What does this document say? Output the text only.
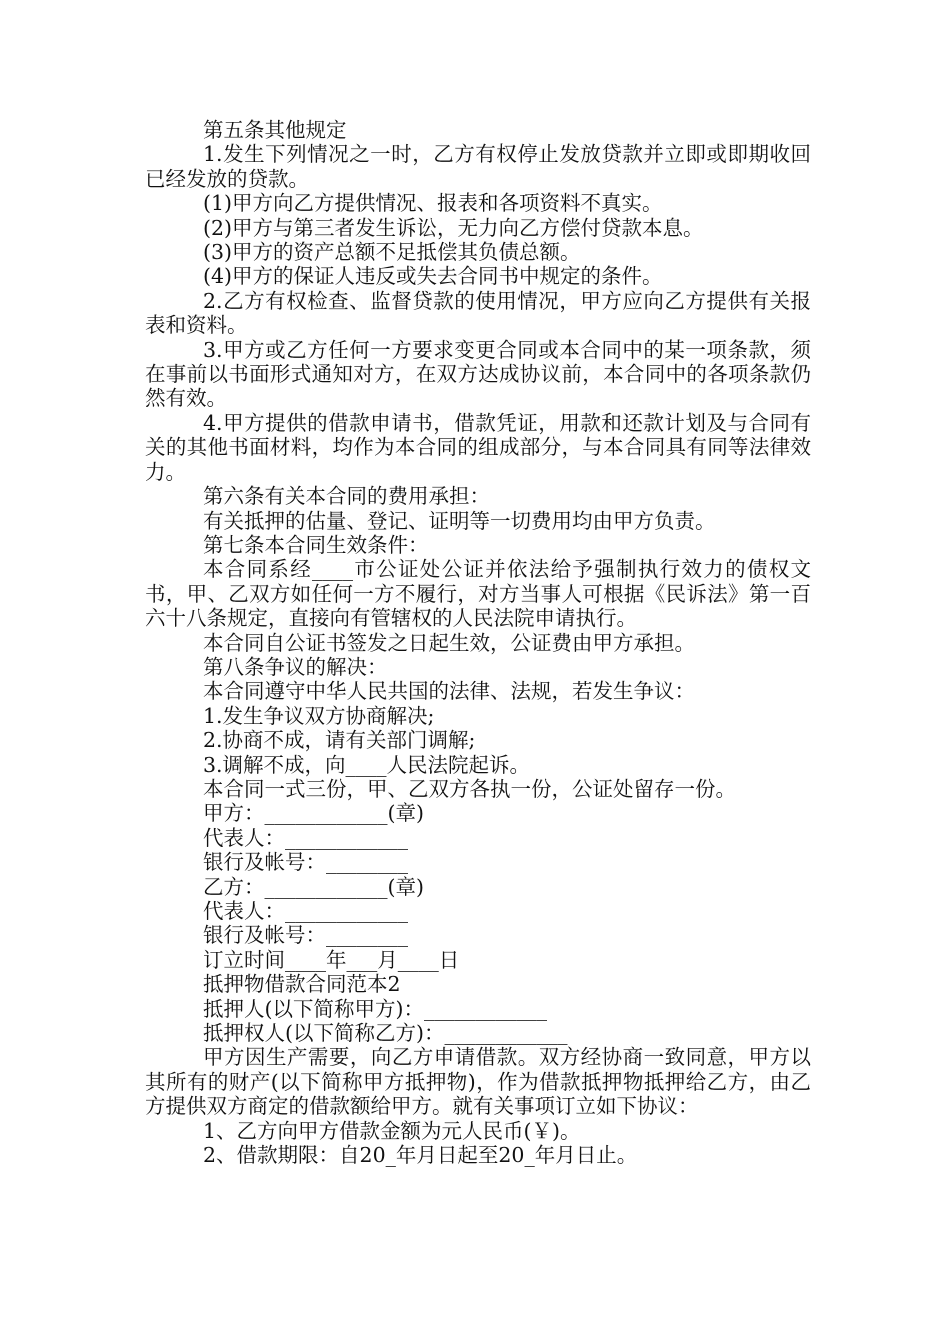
第五条其他规定

1.发生下列情况之一时，乙方有权停止发放贷款并立即或即期收回已经发放的贷款。

(1)甲方向乙方提供情况、报表和各项资料不真实。

(2)甲方与第三者发生诉讼，无力向乙方偿付贷款本息。

(3)甲方的资产总额不足抵偿其负债总额。

(4)甲方的保证人违反或失去合同书中规定的条件。

2.乙方有权检查、监督贷款的使用情况，甲方应向乙方提供有关报表和资料。

3.甲方或乙方任何一方要求变更合同或本合同中的某一项条款，须在事前以书面形式通知对方，在双方达成协议前，本合同中的各项条款仍然有效。

4.甲方提供的借款申请书，借款凭证，用款和还款计划及与合同有关的其他书面材料，均作为本合同的组成部分，与本合同具有同等法律效力。

第六条有关本合同的费用承担：

有关抵押的估量、登记、证明等一切费用均由甲方负责。

第七条本合同生效条件：

本合同系经____市公证处公证并依法给予强制执行效力的债权文书，甲、乙双方如任何一方不履行，对方当事人可根据《民诉法》第一百六十八条规定，直接向有管辖权的人民法院申请执行。

本合同自公证书签发之日起生效，公证费由甲方承担。

第八条争议的解决：

本合同遵守中华人民共国的法律、法规，若发生争议：

1.发生争议双方协商解决;

2.协商不成，请有关部门调解;

3.调解不成，向____人民法院起诉。

本合同一式三份，甲、乙双方各执一份，公证处留存一份。

甲方：____________(章)

代表人：____________

银行及帐号：________

乙方：____________(章)

代表人：____________

银行及帐号：________

订立时间____年___月____日

抵押物借款合同范本2

抵押人(以下简称甲方)：____________

抵押权人(以下简称乙方)：____________

甲方因生产需要，向乙方申请借款。双方经协商一致同意，甲方以其所有的财产(以下简称甲方抵押物)，作为借款抵押物抵押给乙方，由乙方提供双方商定的借款额给甲方。就有关事项订立如下协议：

1、乙方向甲方借款金额为元人民币(￥)。

2、借款期限：自20_年月日起至20_年月日止。
